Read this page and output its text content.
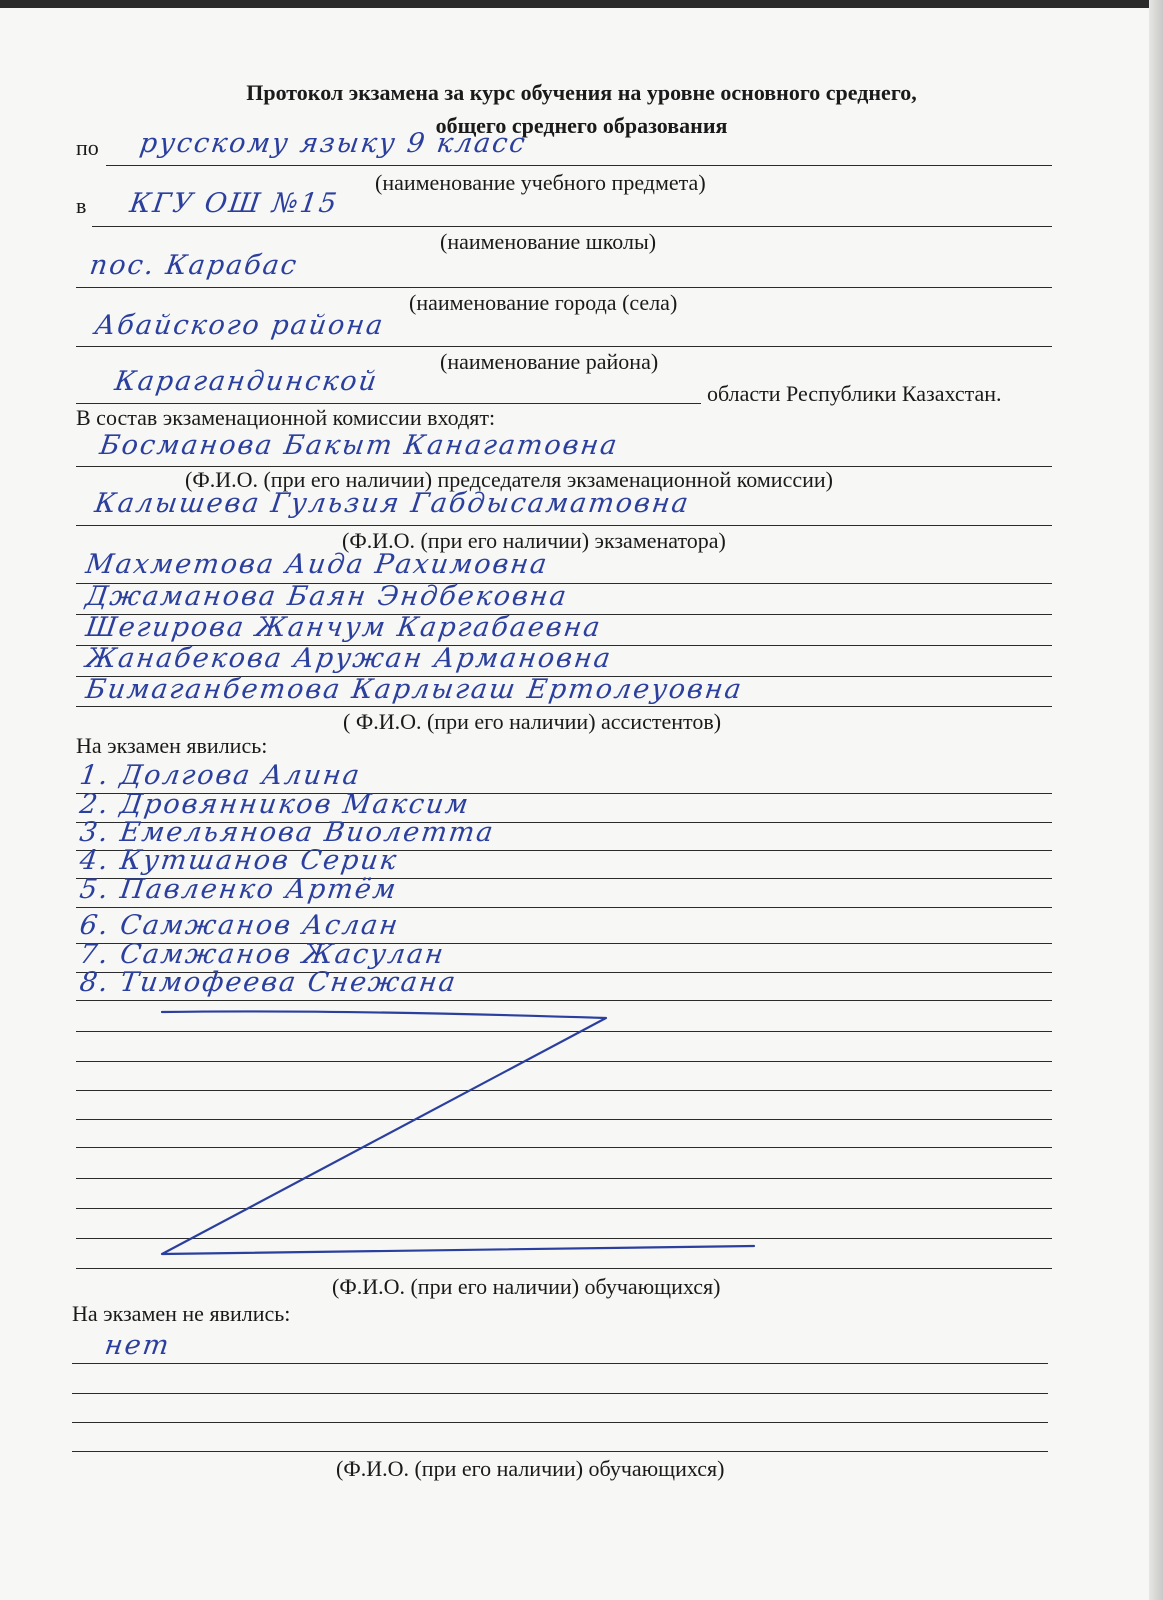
Протокол экзамена за курс обучения на уровне основного среднего,
общего среднего образования
по русскому языку 9 класс
(наименование учебного предмета)
в КГУ ОШ №15
(наименование школы)
пос. Карабас
(наименование города (села)
Абайского района
(наименование района)
Карагандинской	области Республики Казахстан.
В состав экзаменационной комиссии входят:
Босманова Бакыт Канагатовна
(Ф.И.О. (при его наличии) председателя экзаменационной комиссии)
Калышева Гульзия Габдысаматовна
(Ф.И.О. (при его наличии) экзаменатора)
Махметова Аида Рахимовна
Джаманова Баян Эндбековна
Шегирова Жанчум Каргабаевна
Жанабекова Аружан Армановна
Бимаганбетова Карлыгаш Ертолеуовна
( Ф.И.О. (при его наличии) ассистентов)
На экзамен явились:
1. Долгова Алина
2. Дровянников Максим
3. Емельянова Виолетта
4. Кутшанов Серик
5. Павленко Артём
6. Самжанов Аслан
7. Самжанов Жасулан
8. Тимофеева Снежана
(Ф.И.О. (при его наличии) обучающихся)
На экзамен не явились:
нет
(Ф.И.О. (при его наличии) обучающихся)
